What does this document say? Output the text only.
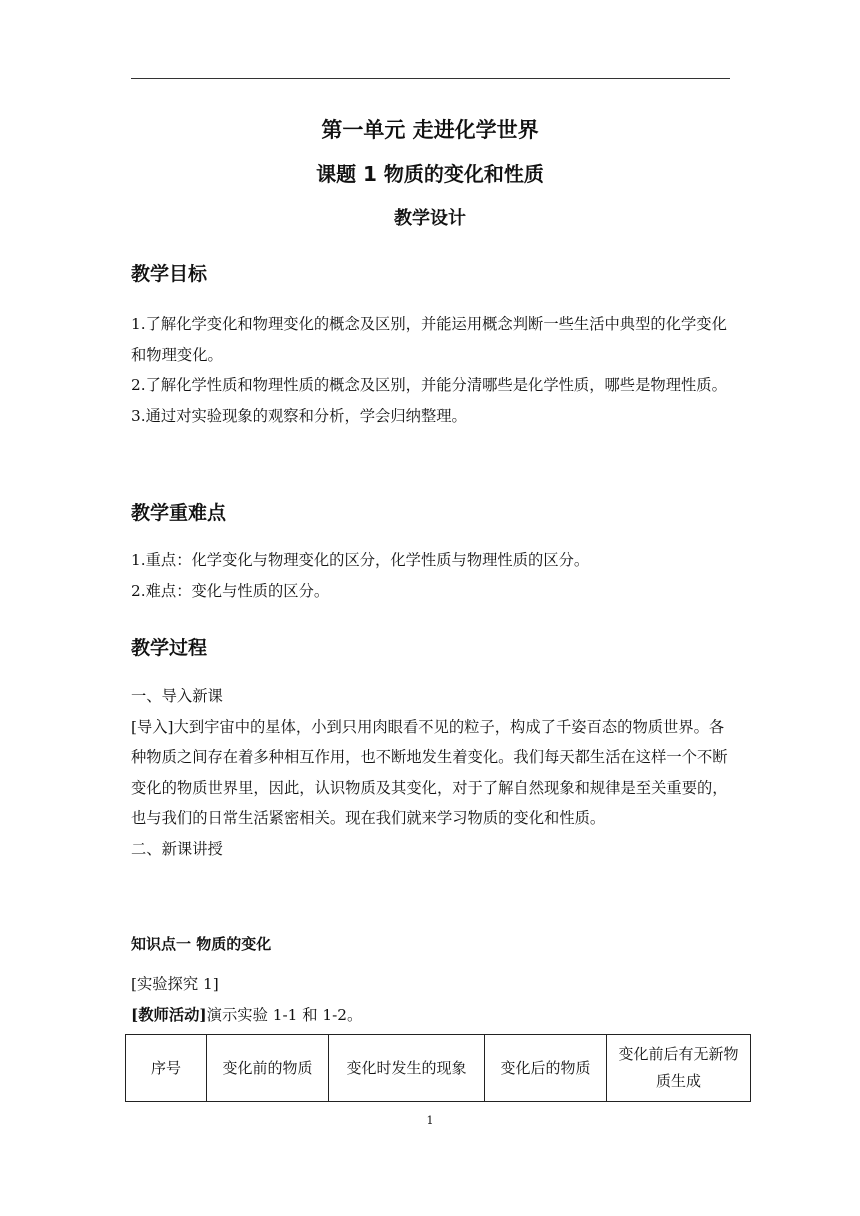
第一单元 走进化学世界
课题 1 物质的变化和性质
教学设计
教学目标

1.了解化学变化和物理变化的概念及区别，并能运用概念判断一些生活中典型的化学变化和物理变化。

2.了解化学性质和物理性质的概念及区别，并能分清哪些是化学性质，哪些是物理性质。

3.通过对实验现象的观察和分析，学会归纳整理。

教学重难点

1.重点：化学变化与物理变化的区分，化学性质与物理性质的区分。

2.难点：变化与性质的区分。

教学过程

一、导入新课

[导入]大到宇宙中的星体，小到只用肉眼看不见的粒子，构成了千姿百态的物质世界。各种物质之间存在着多种相互作用，也不断地发生着变化。我们每天都生活在这样一个不断变化的物质世界里，因此，认识物质及其变化，对于了解自然现象和规律是至关重要的，也与我们的日常生活紧密相关。现在我们就来学习物质的变化和性质。

二、新课讲授

知识点一 物质的变化
[实验探究 1]
[教师活动]演示实验 1-1 和 1-2。
序号	变化前的物质	变化时发生的现象	变化后的物质	变化前后有无新物质生成
1
